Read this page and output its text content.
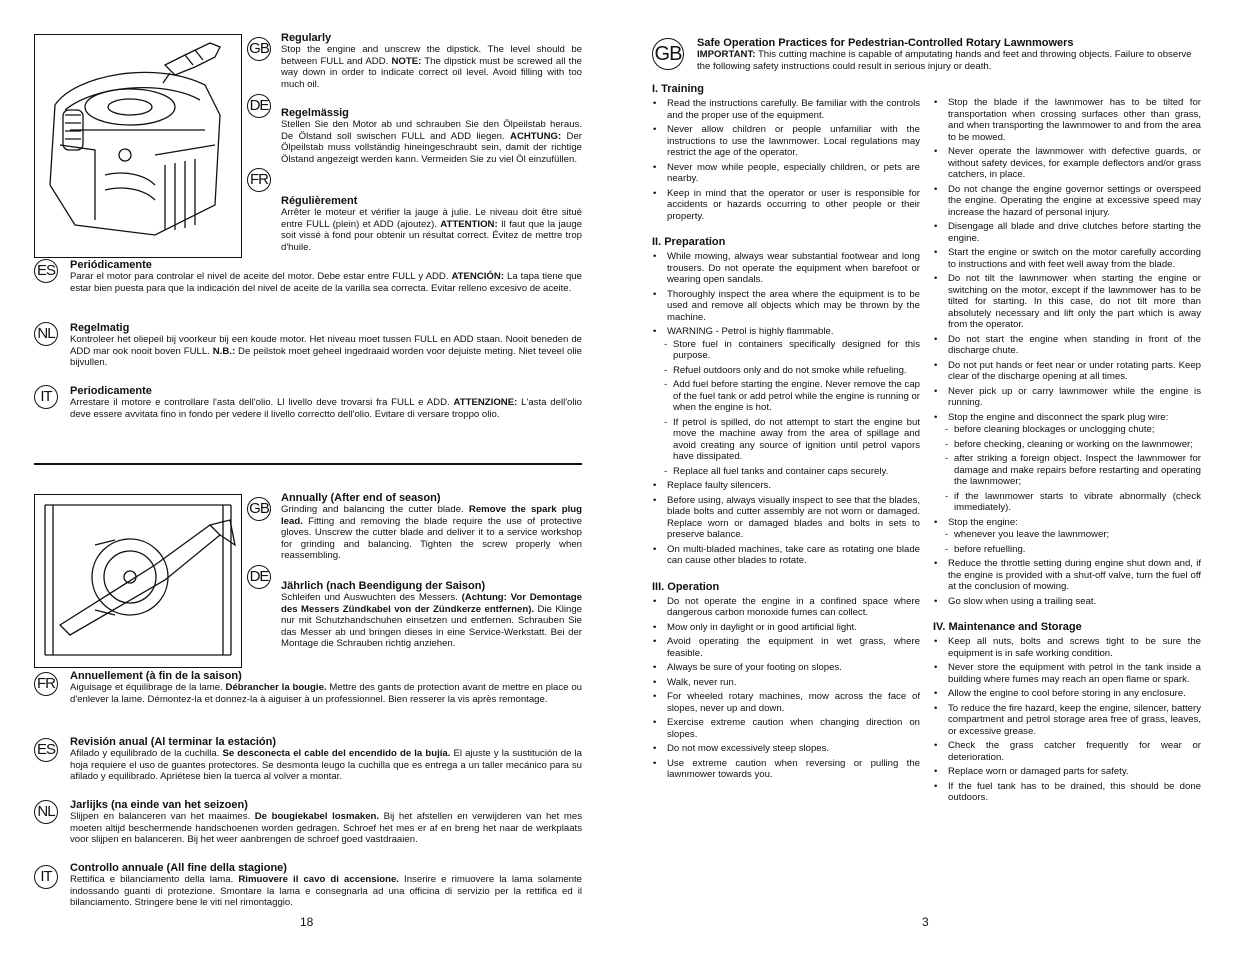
GB
Regularly
Stop the engine and unscrew the dipstick. The level should be between FULL and ADD. NOTE: The dipstick must be screwed all the way down in order to indicate correct oil level. Avoid filling with too much oil.
DE Regelmässig
Stellen Sie den Motor ab und schrauben Sie den Ölpeilstab heraus. De Ölstand soll swischen FULL and ADD liegen. ACHTUNG: Der Ölpeilstab muss vollständig hineingeschraubt sein, damit der richtige Ölstand angezeigt werden kann. Vermeiden Sie zu viel Öl einzufüllen.
FR
Réguliѐrement
Arrêter le moteur et vérifier la jauge à julie. Le niveau doit être situé entre FULL (plein) et ADD (ajoutez). ATTENTION: Il faut que la jauge soit vissé à fond pour obtenir un résultat correct. Évitez de mettre trop d'huile.
ES Periódicamente
Parar el motor para controlar el nivel de aceite del motor. Debe estar entre FULL y ADD. ATENCIÓN: La tapa tiene que estar bien puesta para que la indicación del nivel de aceite de la varilla sea correcta. Evitar relleno excesivo de aceite.
NL	Regelmatig
Kontroleer het oliepeil bij voorkeur bij een koude motor. Het niveau moet tussen FULL en ADD staan. Nooit beneden de ADD mar ook nooit boven FULL. N.B.: De peilstok moet geheel ingedraaid worden voor dejuiste meting. Niet teveel olie bijvullen.
IT	Periodicamente
Arrestare il motore e controllare l'asta dell'olio. Ll livello deve trovarsi fra FULL e ADD. ATTENZIONE: L'asta dell'olio deve essere avvitata fino in fondo per vedere il livello correctto dell'olio. Evitare di versare troppo olio.
GB
Annually (After end of season)
Grinding and balancing the cutter blade. Remove the spark plug lead. Fitting and removing the blade require the use of protective gloves. Unscrew the cutter blade and deliver it to a service workshop for grinding and balancing. Tighten the screw properly when reassembling.
DE
Jährlich (nach Beendigung der Saison)
Schleifen und Auswuchten des Messers. (Achtung: Vor Demontage des Messers Zündkabel von der Zündkerze entfernen). Die Klinge nur mit Schutzhandschuhen einsetzen und entfernen. Schrauben Sie das Messer ab und bringen dieses in eine Service-Werkstatt. Bei der Montage die Schrauben richtig anziehen.
FR Annuellement (à fin de la saison)
Aiguisage et équilibrage de la lame. Débrancher la bougie. Mettre des gants de protection avant de mettre en place ou d'enlever la lame. Démontez-la et donnez-la à aiguiser à un professionnel. Bien resserer la vis aprѐs remontage.
ES Revisión anual (Al terminar la estación)
Afilado y equilibrado de la cuchilla. Se desconecta el cable del encendido de la bujía. El ajuste y la sustitución de la hoja requiere el uso de guantes protectores. Se desmonta leugo la cuchilla que es entrega a un taller mecánico para su afilado y equilibrado. Apriétese bien la tuerca al volver a montar.
NL	Jarlijks (na einde van het seizoen)
Slijpen en balanceren van het maaimes. De bougiekabel losmaken. Bij het afstellen en verwijderen van het mes moeten altijd beschermende handschoenen worden gedragen. Schroef het mes er af en breng het naar de werkplaats voor slijpen en balanceren. Bij het weer aanbrengen de schroef goed vastdraaien.
IT	Controllo annuale (All fine della stagione)
Rettifica e bilanciamento della lama. Rimuovere il cavo di accensione. Inserire e rimuovere la lama solamente indossando guanti di protezione. Smontare la lama e consegnarla ad una officina di servizio per la rettifica ed il bilanciamento. Stringere bene le viti nel rimontaggio.
18
GB Safe Operation Practices for Pedestrian-Controlled Rotary Lawnmowers
IMPORTANT: This cutting machine is capable of amputating hands and feet and throwing objects. Failure to observe the following safety instructions could result in serious injury or death.
I. Training
• Read the instructions carefully. Be familiar with the controls and the proper use of the equipment.
• Never allow children or people unfamiliar with the instructions to use the lawnmower. Local regulations may restrict the age of the operator.
• Never mow while people, especially children, or pets are nearby.
• Keep in mind that the operator or user is responsible for accidents or hazards occurring to other people or their property.
II. Preparation
• While mowing, always wear substantial footwear and long trousers. Do not operate the equipment when barefoot or wearing open sandals.
• Thoroughly inspect the area where the equipment is to be used and remove all objects which may be thrown by the machine.
• WARNING - Petrol is highly flammable.
- Store fuel in containers specifically designed for this purpose.
- Refuel outdoors only and do not smoke while refueling.
- Add fuel before starting the engine. Never remove the cap of the fuel tank or add petrol while the engine is running or when the engine is hot.
- If petrol is spilled, do not attempt to start the engine but move the machine away from the area of spillage and avoid creating any source of ignition until petrol vapors have dissipated.
- Replace all fuel tanks and container caps securely.
• Replace faulty silencers.
• Before using, always visually inspect to see that the blades, blade bolts and cutter assembly are not worn or damaged. Replace worn or damaged blades and bolts in sets to preserve balance.
• On multi-bladed machines, take care as rotating one blade can cause other blades to rotate.
III. Operation
• Do not operate the engine in a confined space where dangerous carbon monoxide fumes can collect.
• Mow only in daylight or in good artificial light.
• Avoid operating the equipment in wet grass, where feasible.
• Always be sure of your footing on slopes.
• Walk, never run.
• For wheeled rotary machines, mow across the face of slopes, never up and down.
• Exercise extreme caution when changing direction on slopes.
• Do not mow excessively steep slopes.
• Use extreme caution when reversing or pulling the lawnmower towards you.
• Stop the blade if the lawnmower has to be tilted for transportation when crossing surfaces other than grass, and when transporting the lawnmower to and from the area to be mowed.
• Never operate the lawnmower with defective guards, or without safety devices, for example deflectors and/or grass catchers, in place.
• Do not change the engine governor settings or overspeed the engine. Operating the engine at excessive speed may increase the hazard of personal injury.
• Disengage all blade and drive clutches before starting the engine.
• Start the engine or switch on the motor carefully according to instructions and with feet well away from the blade.
• Do not tilt the lawnmower when starting the engine or switching on the motor, except if the lawnmower has to be tilted for starting. In this case, do not tilt more than absolutely necessary and lift only the part which is away from the operator.
• Do not start the engine when standing in front of the discharge chute.
• Do not put hands or feet near or under rotating parts. Keep clear of the discharge opening at all times.
• Never pick up or carry lawnmower while the engine is running.
• Stop the engine and disconnect the spark plug wire:
- before cleaning blockages or unclogging chute;
- before checking, cleaning or working on the lawnmower;
- after striking a foreign object. Inspect the lawnmower for damage and make repairs before restarting and operating the lawnmower;
- if the lawnmower starts to vibrate abnormally (check immediately).
• Stop the engine:
- whenever you leave the lawnmower;
- before refuelling.
• Reduce the throttle setting during engine shut down and, if the engine is provided with a shut-off valve, turn the fuel off at the conclusion of mowing.
• Go slow when using a trailing seat.
IV. Maintenance and Storage
• Keep all nuts, bolts and screws tight to be sure the equipment is in safe working condition.
• Never store the equipment with petrol in the tank inside a building where fumes may reach an open flame or spark.
• Allow the engine to cool before storing in any enclosure.
• To reduce the fire hazard, keep the engine, silencer, battery compartment and petrol storage area free of grass, leaves, or excessive grease.
• Check the grass catcher frequently for wear or deterioration.
• Replace worn or damaged parts for safety.
• If the fuel tank has to be drained, this should be done outdoors.
3
